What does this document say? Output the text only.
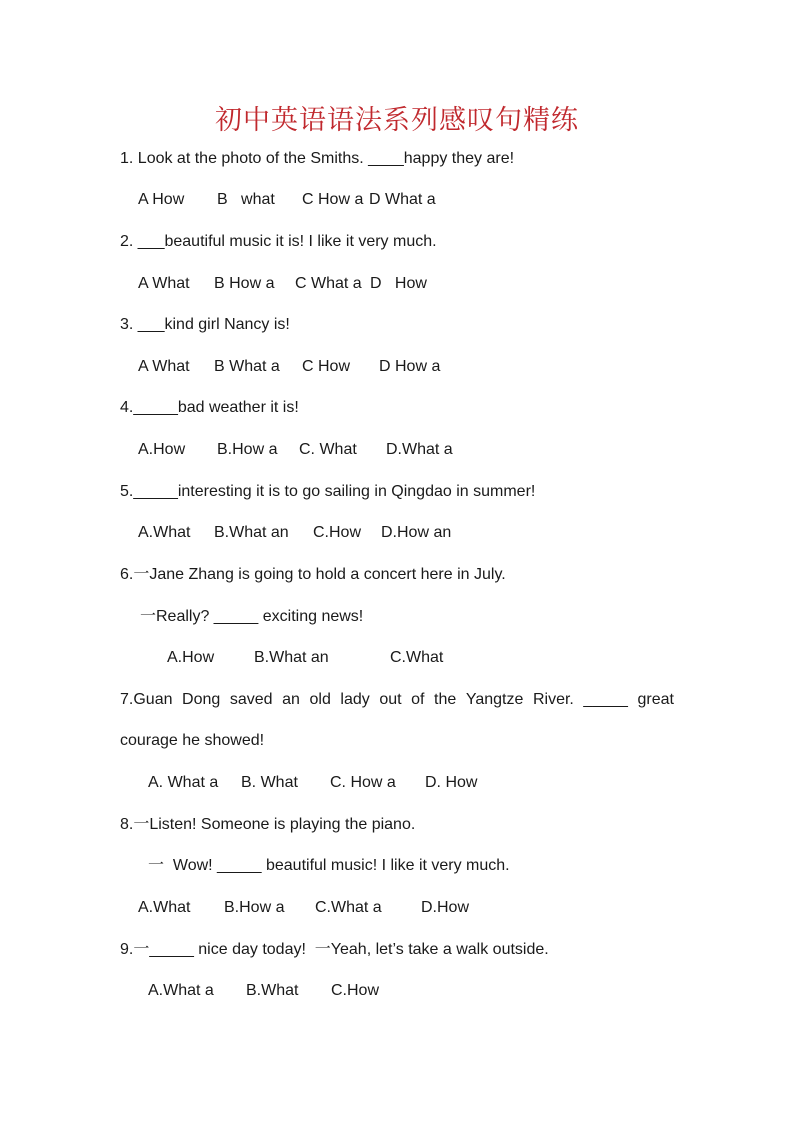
初中英语语法系列感叹句精练
1. Look at the photo of the Smiths. ____happy they are!
A How B   what C How a D What a
2. ___beautiful music it is! I like it very much.
A What B How a C What a D   How
3. ___kind girl Nancy is!
A What B What a C How D How a
4._____bad weather it is!
A.How B.How a C. What D.What a
5._____interesting it is to go sailing in Qingdao in summer!
A.What B.What an C.How D.How an
6.一Jane Zhang is going to hold a concert here in July.
一Really? _____ exciting news!
A.How B.What an	C.What
7.Guan Dong saved an old lady out of the Yangtze River. _____ great
courage he showed!
A. What a B. What C. How a D. How
8.一Listen! Someone is playing the piano.
一  Wow! _____ beautiful music! I like it very much.
A.What B.How a C.What a D.How
9.一_____ nice day today!  一Yeah, let’s take a walk outside.
A.What a B.What C.How
